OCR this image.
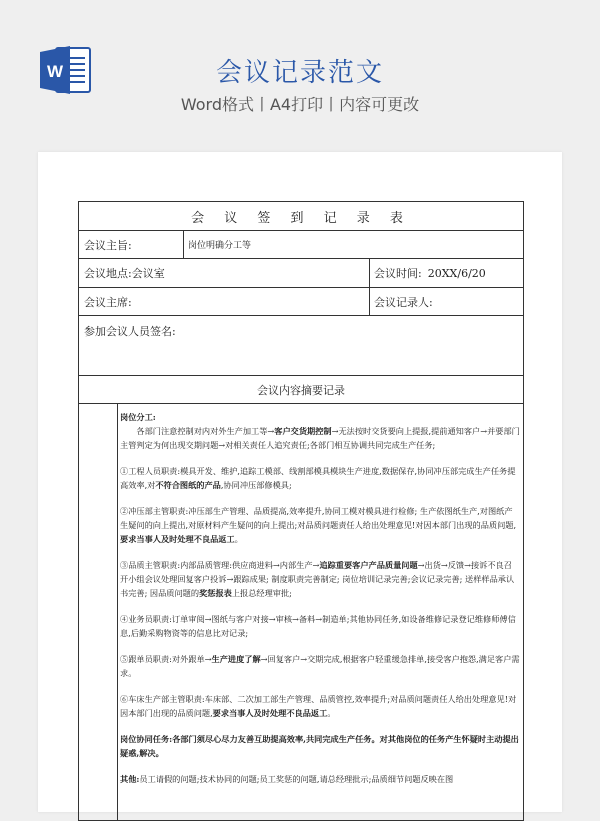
W	会议记录范文
Word格式丨A4打印丨内容可更改
会 议 签 到 记 录 表
会议主旨:	岗位明确分工等
会议地点: 会议室	会议时间: 20XX/6/20
会议主席:	会议记录人:
参加会议人员签名:
会议内容摘要记录

岗位分工:

  各部门注意控制对内对外生产加工等→客户交货期控制→无法按时交货要向上提报,提前通知客户→并要部门主管判定为何出现交期问题→对相关责任人追究责任;各部门相互协调共同完成生产任务;

①工程人员职责:模具开发、维护,追踪工模部、线割部模具模块生产进度,数据保存,协同冲压部完成生产任务提高效率,对不符合图纸的产品,协同冲压部修模具;

②冲压部主管职责:冲压部生产管理、品质提高,效率提升,协同工模对模具进行检修; 生产依图纸生产,对图纸产生疑问的向上提出,对原材料产生疑问的向上提出;对品质问题责任人给出处理意见!对因本部门出现的品质问题,要求当事人及时处理不良品返工。

③品质主管职责:内部品质管理:供应商进料→内部生产→追踪重要客户产品质量问题→出货→反馈→接诉不良召开小组会议处理回复客户投诉→跟踪成果; 制度职责完善制定; 岗位培训记录完善;会议记录完善; 送样样品承认书完善; 因品质问题的奖惩报表上报总经理审批;

④业务员职责:订单审阅→图纸与客户对接→审核→备料→制造单;其他协同任务,如设备维修记录登记维修师傅信息,后勤采购物资等的信息比对记录;

⑤跟单员职责:对外跟单→生产进度了解→回复客户→交期完成,根据客户轻重缓急排单,接受客户抱怨,满足客户需求。

⑥车床生产部主管职责:车床部、二次加工部生产管理、品质管控,效率提升;对品质问题责任人给出处理意见!对因本部门出现的品质问题,要求当事人及时处理不良品返工。

岗位协同任务:各部门须尽心尽力友善互助提高效率,共同完成生产任务。对其他岗位的任务产生怀疑时主动提出疑惑,解决。

其他:员工请假的问题;技术协同的问题;员工奖惩的问题,请总经理批示;品质细节问题反映在图
